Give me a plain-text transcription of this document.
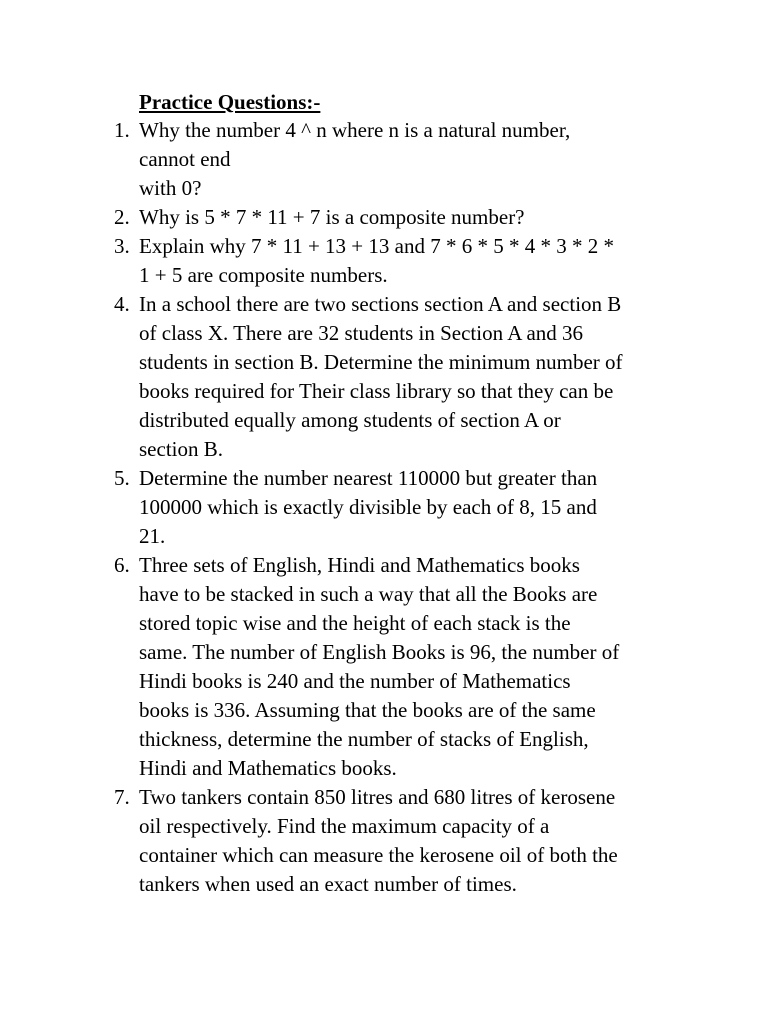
Practice Questions:-
1. Why the number 4 ^ n where n is a natural number,
cannot end
with 0?
2. Why is 5 * 7 * 11 + 7 is a composite number?
3. Explain why 7 * 11 + 13 + 13 and 7 * 6 * 5 * 4 * 3 * 2 *
1 + 5 are composite numbers.
4. In a school there are two sections section A and section B
of class X. There are 32 students in Section A and 36
students in section B. Determine the minimum number of
books required for Their class library so that they can be
distributed equally among students of section A or
section B.
5. Determine the number nearest 110000 but greater than
100000 which is exactly divisible by each of 8, 15 and
21.
6. Three sets of English, Hindi and Mathematics books
have to be stacked in such a way that all the Books are
stored topic wise and the height of each stack is the
same. The number of English Books is 96, the number of
Hindi books is 240 and the number of Mathematics
books is 336. Assuming that the books are of the same
thickness, determine the number of stacks of English,
Hindi and Mathematics books.
7. Two tankers contain 850 litres and 680 litres of kerosene
oil respectively. Find the maximum capacity of a
container which can measure the kerosene oil of both the
tankers when used an exact number of times.
